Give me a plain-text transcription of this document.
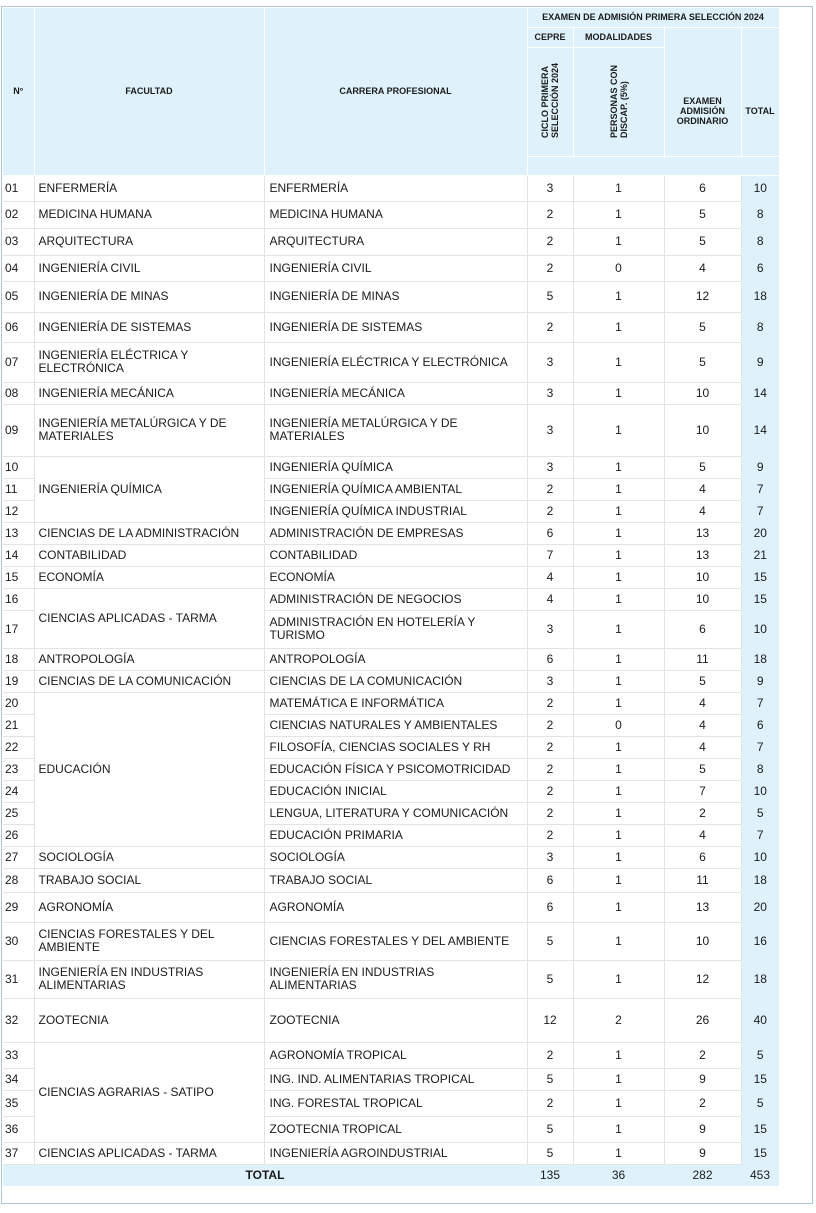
N°	FACULTAD	CARRERA PROFESIONAL	EXAMEN DE ADMISIÓN PRIMERA SELECCIÓN 2024			
			CEPRE	MODALIDADES	EXAMEN ADMISIÓN ORDINARIO	TOTAL
			CICLO PRIMERA SELECCIÓN 2024	PERSONAS CON DISCAP. (5%)		

01	ENFERMERÍA	ENFERMERÍA	3	1	6	10
02	MEDICINA HUMANA	MEDICINA HUMANA	2	1	5	8
03	ARQUITECTURA	ARQUITECTURA	2	1	5	8
04	INGENIERÍA CIVIL	INGENIERÍA CIVIL	2	0	4	6
05	INGENIERÍA DE MINAS	INGENIERÍA DE MINAS	5	1	12	18
06	INGENIERÍA DE SISTEMAS	INGENIERÍA DE SISTEMAS	2	1	5	8
07	INGENIERÍA ELÉCTRICA Y ELECTRÓNICA	INGENIERÍA ELÉCTRICA Y ELECTRÓNICA	3	1	5	9
08	INGENIERÍA MECÁNICA	INGENIERÍA MECÁNICA	3	1	10	14
09	INGENIERÍA METALÚRGICA Y DE MATERIALES	INGENIERÍA METALÚRGICA Y DE MATERIALES	3	1	10	14
10	INGENIERÍA QUÍMICA	INGENIERÍA QUÍMICA	3	1	5	9
11		INGENIERÍA QUÍMICA AMBIENTAL	2	1	4	7
12		INGENIERÍA QUÍMICA INDUSTRIAL	2	1	4	7
13	CIENCIAS DE LA ADMINISTRACIÓN	ADMINISTRACIÓN DE EMPRESAS	6	1	13	20
14	CONTABILIDAD	CONTABILIDAD	7	1	13	21
15	ECONOMÍA	ECONOMÍA	4	1	10	15
16	CIENCIAS APLICADAS - TARMA	ADMINISTRACIÓN DE NEGOCIOS	4	1	10	15
17		ADMINISTRACIÓN EN HOTELERÍA Y TURISMO	3	1	6	10
18	ANTROPOLOGÍA	ANTROPOLOGÍA	6	1	11	18
19	CIENCIAS DE LA COMUNICACIÓN	CIENCIAS DE LA COMUNICACIÓN	3	1	5	9
20	EDUCACIÓN	MATEMÁTICA E INFORMÁTICA	2	1	4	7
21		CIENCIAS NATURALES Y AMBIENTALES	2	0	4	6
22		FILOSOFÍA, CIENCIAS SOCIALES Y RH	2	1	4	7
23		EDUCACIÓN FÍSICA Y PSICOMOTRICIDAD	2	1	5	8
24		EDUCACIÓN INICIAL	2	1	7	10
25		LENGUA, LITERATURA Y COMUNICACIÓN	2	1	2	5
26		EDUCACIÓN PRIMARIA	2	1	4	7
27	SOCIOLOGÍA	SOCIOLOGÍA	3	1	6	10
28	TRABAJO SOCIAL	TRABAJO SOCIAL	6	1	11	18
29	AGRONOMÍA	AGRONOMÍA	6	1	13	20
30	CIENCIAS FORESTALES Y DEL AMBIENTE	CIENCIAS FORESTALES Y DEL AMBIENTE	5	1	10	16
31	INGENIERÍA EN INDUSTRIAS ALIMENTARIAS	INGENIERÍA EN INDUSTRIAS ALIMENTARIAS	5	1	12	18
32	ZOOTECNIA	ZOOTECNIA	12	2	26	40
33	CIENCIAS AGRARIAS - SATIPO	AGRONOMÍA TROPICAL	2	1	2	5
34		ING. IND. ALIMENTARIAS TROPICAL	5	1	9	15
35		ING. FORESTAL TROPICAL	2	1	2	5
36		ZOOTECNIA TROPICAL	5	1	9	15
37	CIENCIAS APLICADAS - TARMA	INGENIERÍA AGROINDUSTRIAL	5	1	9	15
TOTAL			135	36	282	453
